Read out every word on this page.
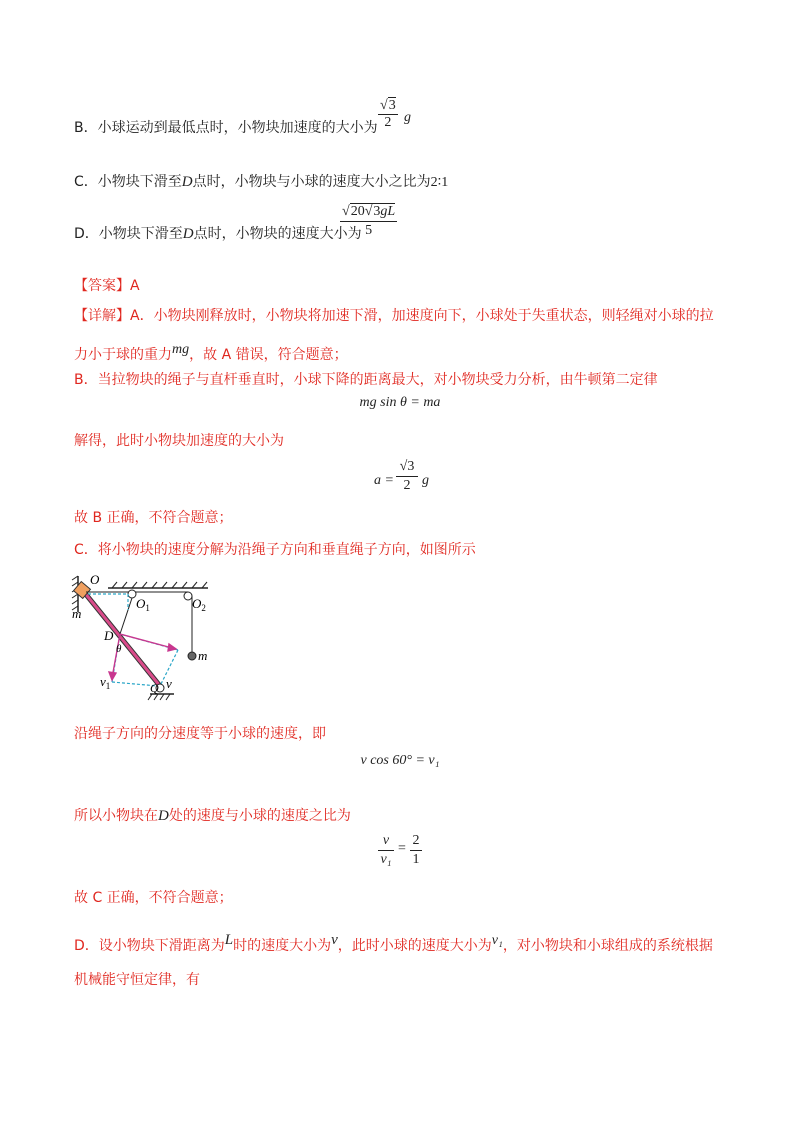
B．小球运动到最低点时，小物块加速度的大小为 $\frac{√3}{2}$ g
C．小物块下滑至D点时，小物块与小球的速度大小之比为2∶1
D．小物块下滑至D点时，小物块的速度大小为
√20√3gL
5
【答案】A
【详解】A．小物块刚释放时，小物块将加速下滑，加速度向下，小球处于失重状态，则轻绳对小球的拉
力小于球的重力mg，故 A 错误，符合题意；
B．当拉物块的绳子与直杆垂直时，小球下降的距离最大，对小物块受力分析，由牛顿第二定律
mg sin θ = ma
解得，此时小物块加速度的大小为
$a = \frac{√3}{2}$ g
故 B 正确，不符合题意；
C．将小物块的速度分解为沿绳子方向和垂直绳子方向，如图所示
O
m
$O_1$	$O_2$
D
θ	m
$v_1$	Q v
沿绳子方向的分速度等于小球的速度，即
v cos 60° = v₁
所以小物块在D处的速度与小球的速度之比为
$\frac{v}{\text{v₁}} = \frac{2}{1}$
故 C 正确，不符合题意；
D．设小物块下滑距离为L时的速度大小为v，此时小球的速度大小为v₁，对小物块和小球组成的系统根据
机械能守恒定律，有
